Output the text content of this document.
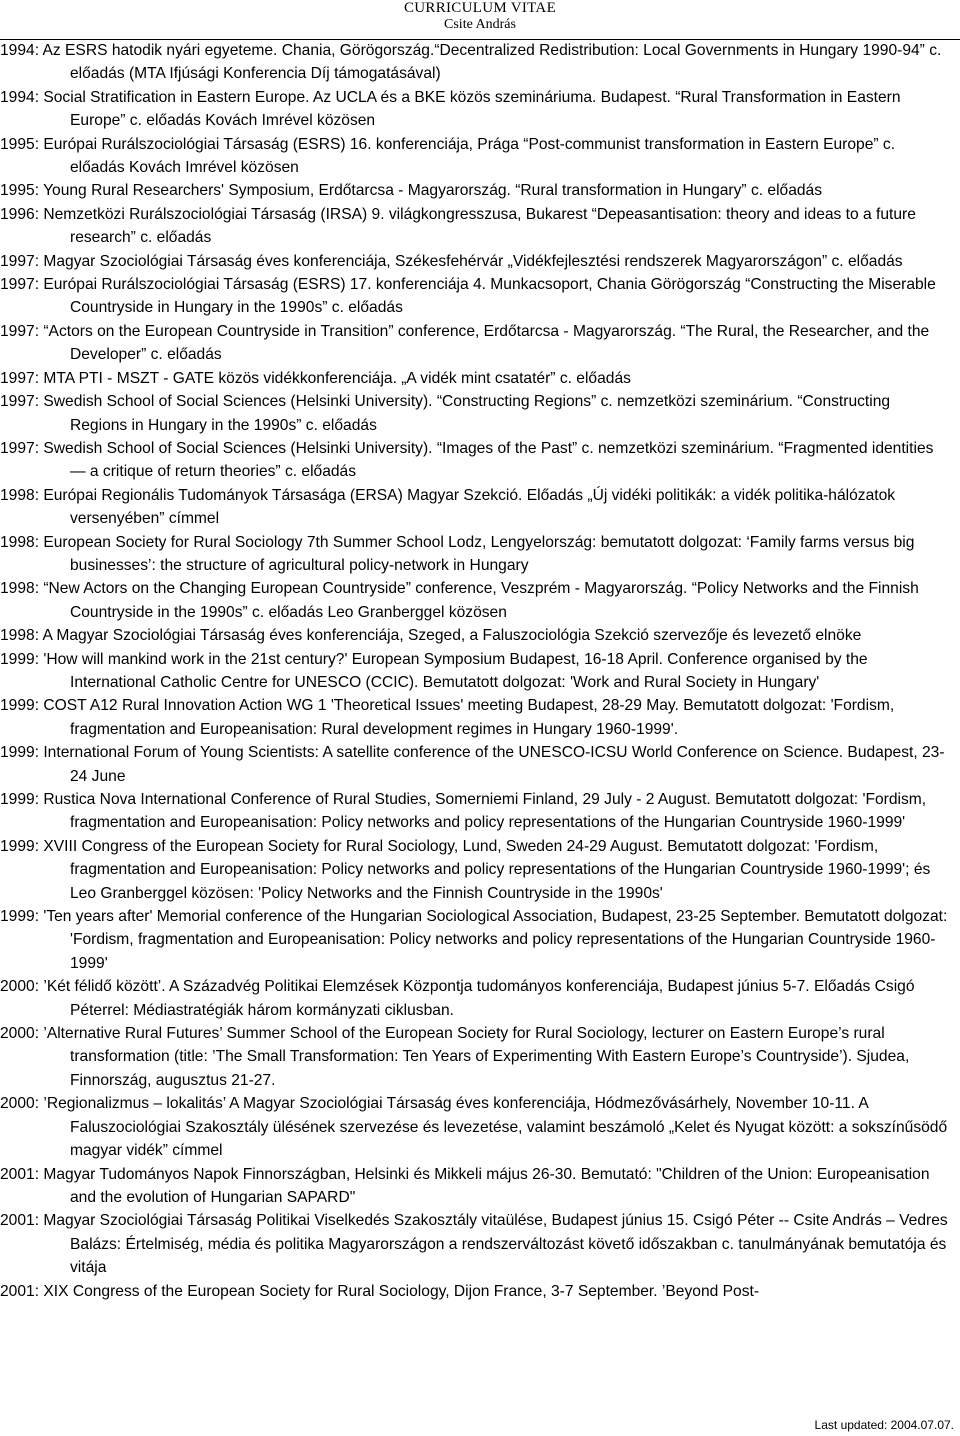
CURRICULUM VITAE
Csite András

1994: Az ESRS hatodik nyári egyeteme. Chania, Görögország.“Decentralized Redistribution: Local Governments in Hungary 1990-94” c. előadás (MTA Ifjúsági Konferencia Díj támogatásával)

1994: Social Stratification in Eastern Europe. Az UCLA és a BKE közös szemináriuma. Budapest. “Rural Transformation in Eastern Europe” c. előadás Kovách Imrével közösen

1995: Európai Rurálszociológiai Társaság (ESRS) 16. konferenciája, Prága “Post-communist transformation in Eastern Europe” c. előadás Kovách Imrével közösen

1995: Young Rural Researchers' Symposium, Erdőtarcsa - Magyarország. “Rural transformation in Hungary” c. előadás

1996: Nemzetközi Rurálszociológiai Társaság (IRSA) 9. világkongresszusa, Bukarest “Depeasantisation: theory and ideas to a future research” c. előadás

1997: Magyar Szociológiai Társaság éves konferenciája, Székesfehérvár „Vidékfejlesztési rendszerek Magyarországon” c. előadás

1997: Európai Rurálszociológiai Társaság (ESRS) 17. konferenciája 4. Munkacsoport, Chania Görögország “Constructing the Miserable Countryside in Hungary in the 1990s” c. előadás

1997: “Actors on the European Countryside in Transition” conference, Erdőtarcsa - Magyarország. “The Rural, the Researcher, and the Developer” c. előadás

1997: MTA PTI - MSZT - GATE közös vidékkonferenciája. „A vidék mint csatatér” c. előadás

1997: Swedish School of Social Sciences (Helsinki University). “Constructing Regions” c. nemzetközi szeminárium. “Constructing Regions in Hungary in the 1990s” c. előadás

1997: Swedish School of Social Sciences (Helsinki University). “Images of the Past” c. nemzetközi szeminárium. “Fragmented identities — a critique of return theories” c. előadás

1998: Európai Regionális Tudományok Társasága (ERSA) Magyar Szekció. Előadás „Új vidéki politikák: a vidék politika-hálózatok versenyében” címmel

1998: European Society for Rural Sociology 7th Summer School Lodz, Lengyelország: bemutatott dolgozat: ‘Family farms versus big businesses’: the structure of agricultural policy-network in Hungary

1998: “New Actors on the Changing European Countryside” conference, Veszprém - Magyarország. “Policy Networks and the Finnish Countryside in the 1990s” c. előadás Leo Granberggel közösen

1998: A Magyar Szociológiai Társaság éves konferenciája, Szeged, a Faluszociológia Szekció szervezője és levezető elnöke

1999: 'How will mankind work in the 21st century?' European Symposium Budapest, 16-18 April. Conference organised by the International Catholic Centre for UNESCO (CCIC). Bemutatott dolgozat: 'Work and Rural Society in Hungary'

1999: COST A12 Rural Innovation Action WG 1 'Theoretical Issues' meeting Budapest, 28-29 May. Bemutatott dolgozat: 'Fordism, fragmentation and Europeanisation: Rural development regimes in Hungary 1960-1999'.

1999: International Forum of Young Scientists: A satellite conference of the UNESCO-ICSU World Conference on Science. Budapest, 23-24 June

1999: Rustica Nova International Conference of Rural Studies, Somerniemi Finland, 29 July - 2 August. Bemutatott dolgozat: 'Fordism, fragmentation and Europeanisation: Policy networks and policy representations of the Hungarian Countryside 1960-1999'

1999: XVIII Congress of the European Society for Rural Sociology, Lund, Sweden 24-29 August. Bemutatott dolgozat: 'Fordism, fragmentation and Europeanisation: Policy networks and policy representations of the Hungarian Countryside 1960-1999'; és Leo Granberggel közösen: 'Policy Networks and the Finnish Countryside in the 1990s'

1999: 'Ten years after' Memorial conference of the Hungarian Sociological Association, Budapest, 23-25 September. Bemutatott dolgozat: 'Fordism, fragmentation and Europeanisation: Policy networks and policy representations of the Hungarian Countryside 1960-1999'

2000: ’Két félidő között’. A Századvég Politikai Elemzések Központja tudományos konferenciája, Budapest június 5-7. Előadás Csigó Péterrel: Médiastratégiák három kormányzati ciklusban.

2000: ’Alternative Rural Futures’ Summer School of the European Society for Rural Sociology, lecturer on Eastern Europe’s rural transformation (title: ’The Small Transformation: Ten Years of Experimenting With Eastern Europe’s Countryside’). Sjudea, Finnország, augusztus 21-27.

2000: ’Regionalizmus – lokalitás’ A Magyar Szociológiai Társaság éves konferenciája, Hódmezővásárhely, November 10-11. A Faluszociológiai Szakosztály ülésének szervezése és levezetése, valamint beszámoló „Kelet és Nyugat között: a sokszínűsödő magyar vidék” címmel

2001: Magyar Tudományos Napok Finnországban, Helsinki és Mikkeli május 26-30. Bemutató: "Children of the Union: Europeanisation and the evolution of Hungarian SAPARD"

2001: Magyar Szociológiai Társaság Politikai Viselkedés Szakosztály vitaülése, Budapest június 15. Csigó Péter -- Csite András – Vedres Balázs: Értelmiség, média és politika Magyarországon a rendszerváltozást követő időszakban c. tanulmányának bemutatója és vitája

2001: XIX Congress of the European Society for Rural Sociology, Dijon France, 3-7 September. ’Beyond Post-

Last updated: 2004.07.07.
